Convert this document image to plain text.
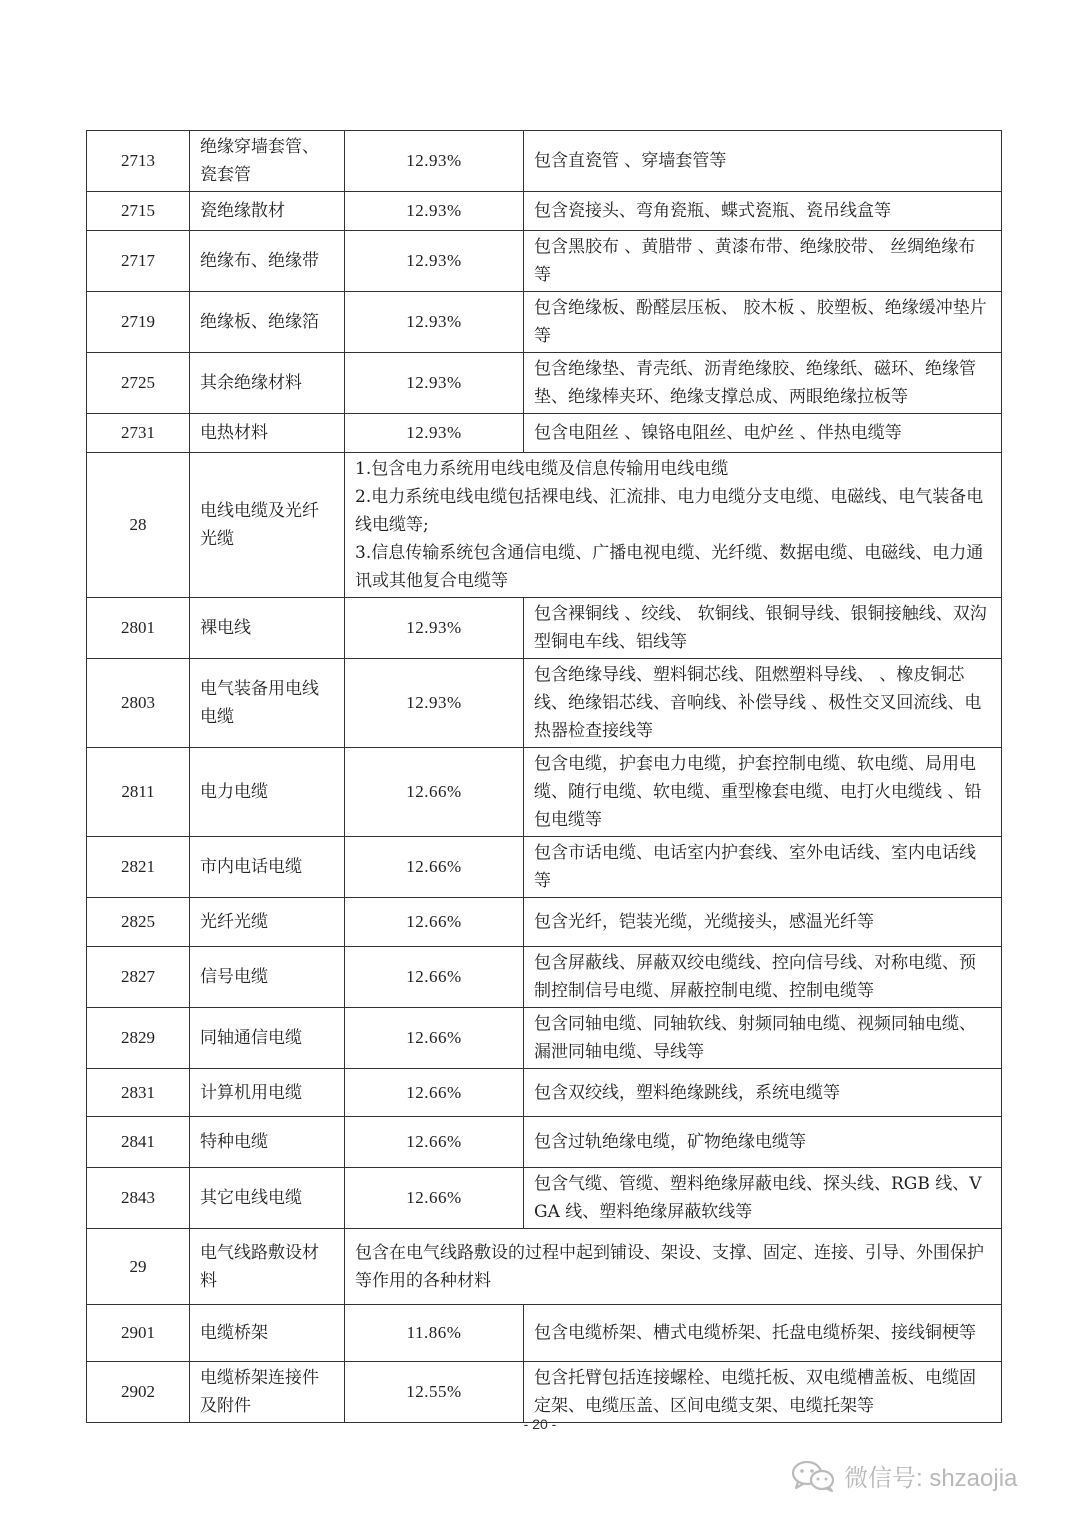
2713	绝缘穿墙套管、瓷套管	12.93%	包含直瓷管 、穿墙套管等
2715	瓷绝缘散材	12.93%	包含瓷接头、弯角瓷瓶、蝶式瓷瓶、瓷吊线盒等
2717	绝缘布、绝缘带	12.93%	包含黑胶布 、黄腊带 、黄漆布带、绝缘胶带、 丝绸绝缘布等
2719	绝缘板、绝缘箔	12.93%	包含绝缘板、酚醛层压板、 胶木板 、胶塑板、绝缘缓冲垫片等
2725	其余绝缘材料	12.93%	包含绝缘垫、青壳纸、沥青绝缘胶、绝缘纸、磁环、绝缘管垫、绝缘棒夹环、绝缘支撑总成、两眼绝缘拉板等
2731	电热材料	12.93%	包含电阻丝 、镍铬电阻丝、电炉丝 、伴热电缆等
28	电线电缆及光纤光缆	1.包含电力系统用电线电缆及信息传输用电线电缆
2.电力系统电线电缆包括裸电线、汇流排、电力电缆分支电缆、电磁线、电气装备电线电缆等;
3.信息传输系统包含通信电缆、广播电视电缆、光纤缆、数据电缆、电磁线、电力通讯或其他复合电缆等	

2801	裸电线	12.93%	包含裸铜线 、绞线、 软铜线、银铜导线、银铜接触线、双沟型铜电车线、铝线等
2803	电气装备用电线电缆	12.93%	包含绝缘导线、塑料铜芯线、阻燃塑料导线、 、橡皮铜芯线、绝缘铝芯线、音响线、补偿导线 、极性交叉回流线、电热器检查接线等
2811	电力电缆	12.66%	包含电缆，护套电力电缆，护套控制电缆、软电缆、局用电缆、随行电缆、软电缆、重型橡套电缆、电打火电缆线 、铅包电缆等
2821	市内电话电缆	12.66%	包含市话电缆、电话室内护套线、室外电话线、室内电话线等
2825	光纤光缆	12.66%	包含光纤，铠装光缆，光缆接头，感温光纤等
2827	信号电缆	12.66%	包含屏蔽线、屏蔽双绞电缆线、控向信号线、对称电缆、预制控制信号电缆、屏蔽控制电缆、控制电缆等
2829	同轴通信电缆	12.66%	包含同轴电缆、同轴软线、射频同轴电缆、视频同轴电缆、漏泄同轴电缆、导线等
2831	计算机用电缆	12.66%	包含双绞线，塑料绝缘跳线，系统电缆等
2841	特种电缆	12.66%	包含过轨绝缘电缆，矿物绝缘电缆等
2843	其它电线电缆	12.66%	包含气缆、管缆、塑料绝缘屏蔽电线、探头线、RGB 线、VGA 线、塑料绝缘屏蔽软线等
29	电气线路敷设材料	包含在电气线路敷设的过程中起到铺设、架设、支撑、固定、连接、引导、外围保护等作用的各种材料	
2901	电缆桥架	11.86%	包含电缆桥架、槽式电缆桥架、托盘电缆桥架、接线铜梗等
2902	电缆桥架连接件及附件	12.55%	包含托臂包括连接螺栓、电缆托板、双电缆槽盖板、电缆固定架、电缆压盖、区间电缆支架、电缆托架等
- 20 -
微信号: shzaojia
